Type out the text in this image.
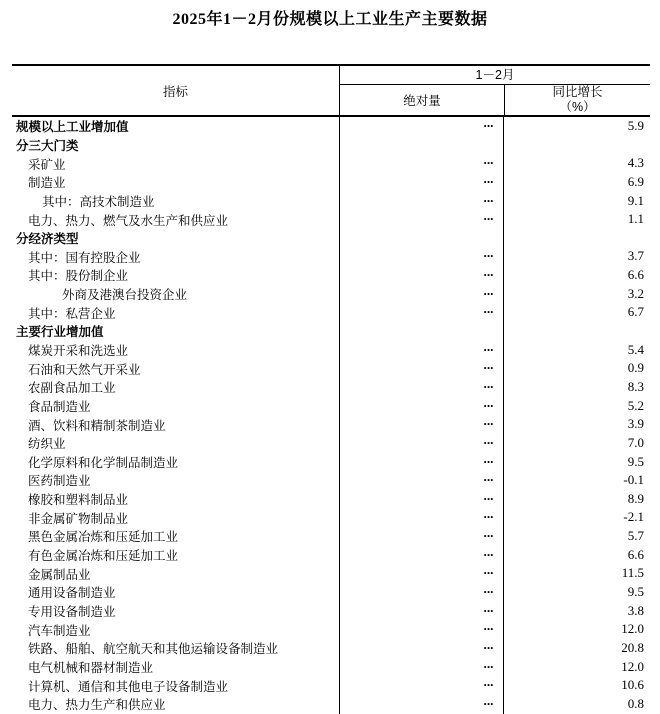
2025年1－2月份规模以上工业生产主要数据
指标
1－2月
绝对量
同比增长
（%）
规模以上工业增加值	···	5.9
分三大门类
采矿业	···	4.3
制造业	···	6.9
其中：高技术制造业	···	9.1
电力、热力、燃气及水生产和供应业	···	1.1
分经济类型
其中：国有控股企业	···	3.7
其中：股份制企业	···	6.6
外商及港澳台投资企业	···	3.2
其中：私营企业	···	6.7
主要行业增加值
煤炭开采和洗选业	···	5.4
石油和天然气开采业	···	0.9
农副食品加工业	···	8.3
食品制造业	···	5.2
酒、饮料和精制茶制造业	···	3.9
纺织业	···	7.0
化学原料和化学制品制造业	···	9.5
医药制造业	···	-0.1
橡胶和塑料制品业	···	8.9
非金属矿物制品业	···	-2.1
黑色金属冶炼和压延加工业	···	5.7
有色金属冶炼和压延加工业	···	6.6
金属制品业	···	11.5
通用设备制造业	···	9.5
专用设备制造业	···	3.8
汽车制造业	···	12.0
铁路、船舶、航空航天和其他运输设备制造业	···	20.8
电气机械和器材制造业	···	12.0
计算机、通信和其他电子设备制造业	···	10.6
电力、热力生产和供应业	···	0.8
